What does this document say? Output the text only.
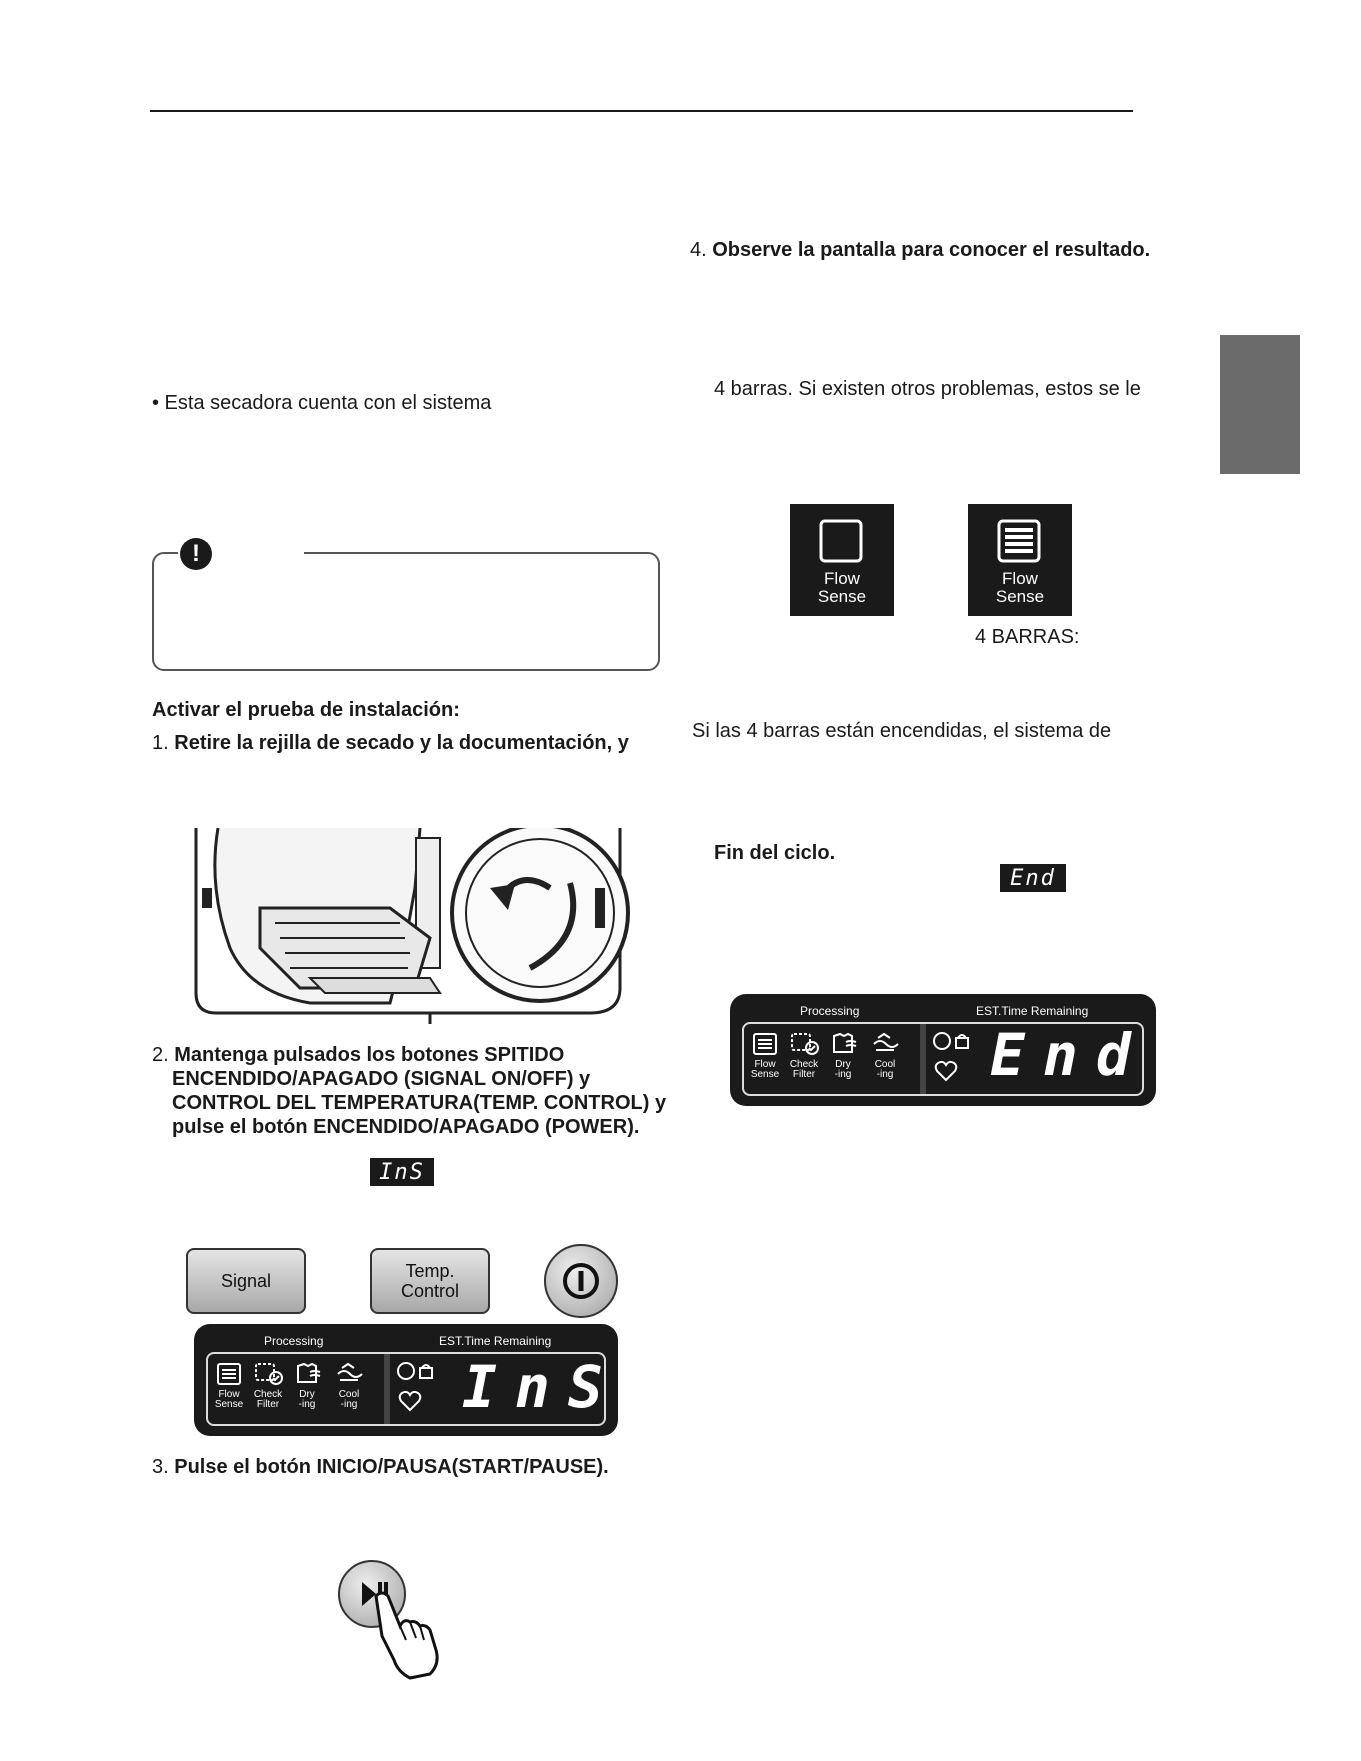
• Esta secadora cuenta con el sistema
!
Activar el prueba de instalación:
1. Retire la rejilla de secado y la documentación, y
2. Mantenga pulsados los botones SPITIDO
ENCENDIDO/APAGADO (SIGNAL ON/OFF) y
CONTROL DEL TEMPERATURA(TEMP. CONTROL) y
pulse el botón ENCENDIDO/APAGADO (POWER).
InS
Signal	Temp.
Control
Processing	EST.Time Remaining
Flow
Sense
Check
Filter
Dry
-ing
Cool
-ing InS
3. Pulse el botón INICIO/PAUSA(START/PAUSE).
4. Observe la pantalla para conocer el resultado.
4 barras. Si existen otros problemas, estos se le
Flow
Sense
Flow
Sense
4 BARRAS:
Si las 4 barras están encendidas, el sistema de
Fin del ciclo.
End
Processing	EST.Time Remaining
Flow
Sense
Check
Filter
Dry
-ing
Cool
-ing End
